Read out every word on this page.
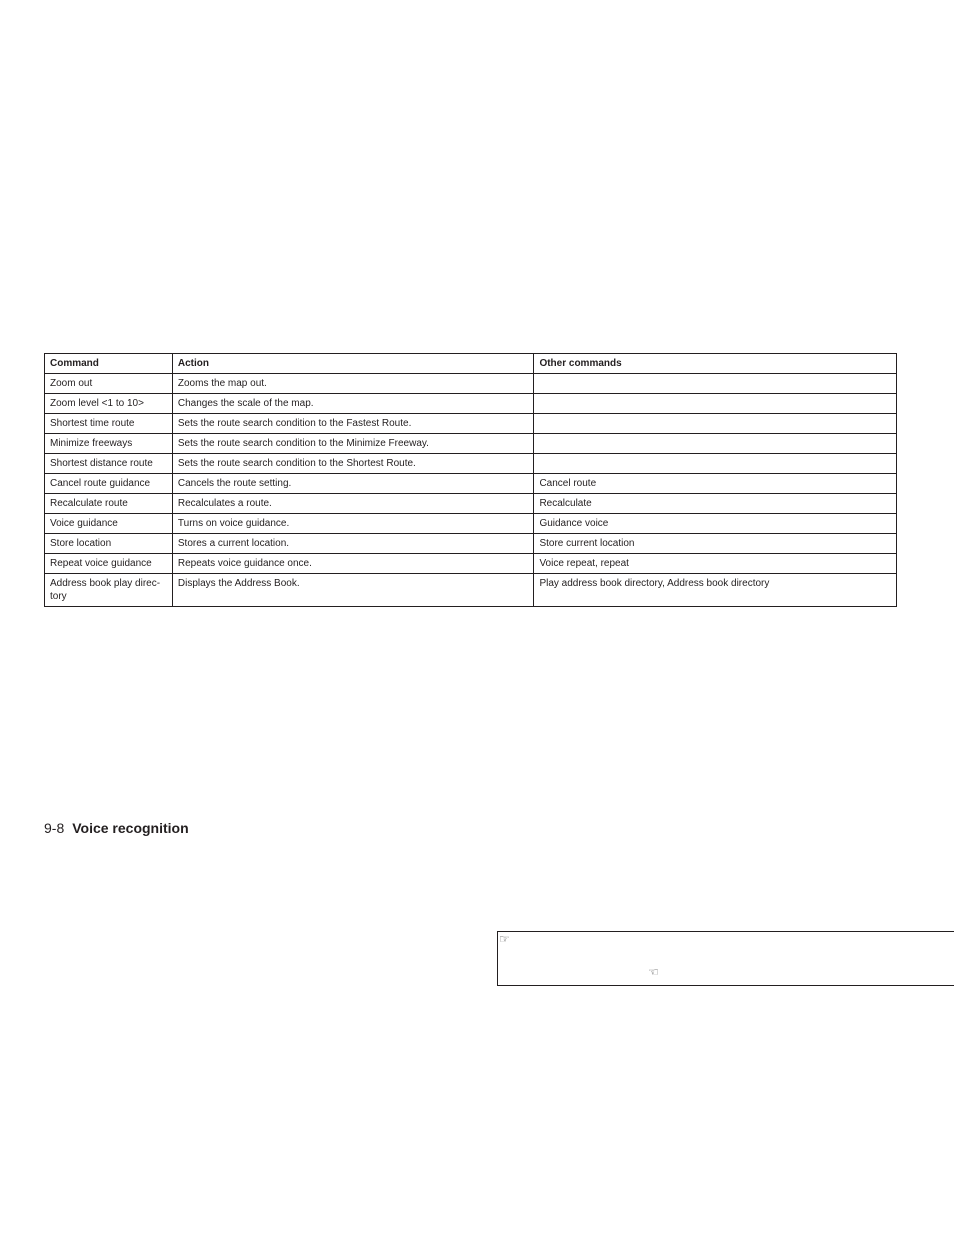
Command	Action	Other commands
Zoom out	Zooms the map out.	
Zoom level <1 to 10>	Changes the scale of the map.	
Shortest time route	Sets the route search condition to the Fastest Route.	
Minimize freeways	Sets the route search condition to the Minimize Freeway.	
Shortest distance route	Sets the route search condition to the Shortest Route.	
Cancel route guidance	Cancels the route setting.	Cancel route
Recalculate route	Recalculates a route.	Recalculate
Voice guidance	Turns on voice guidance.	Guidance voice
Store location	Stores a current location.	Store current location
Repeat voice guidance	Repeats voice guidance once.	Voice repeat, repeat
Address book play direc-tory	Displays the Address Book.	Play address book directory, Address book directory
9-8 Voice recognition
☞
☜
